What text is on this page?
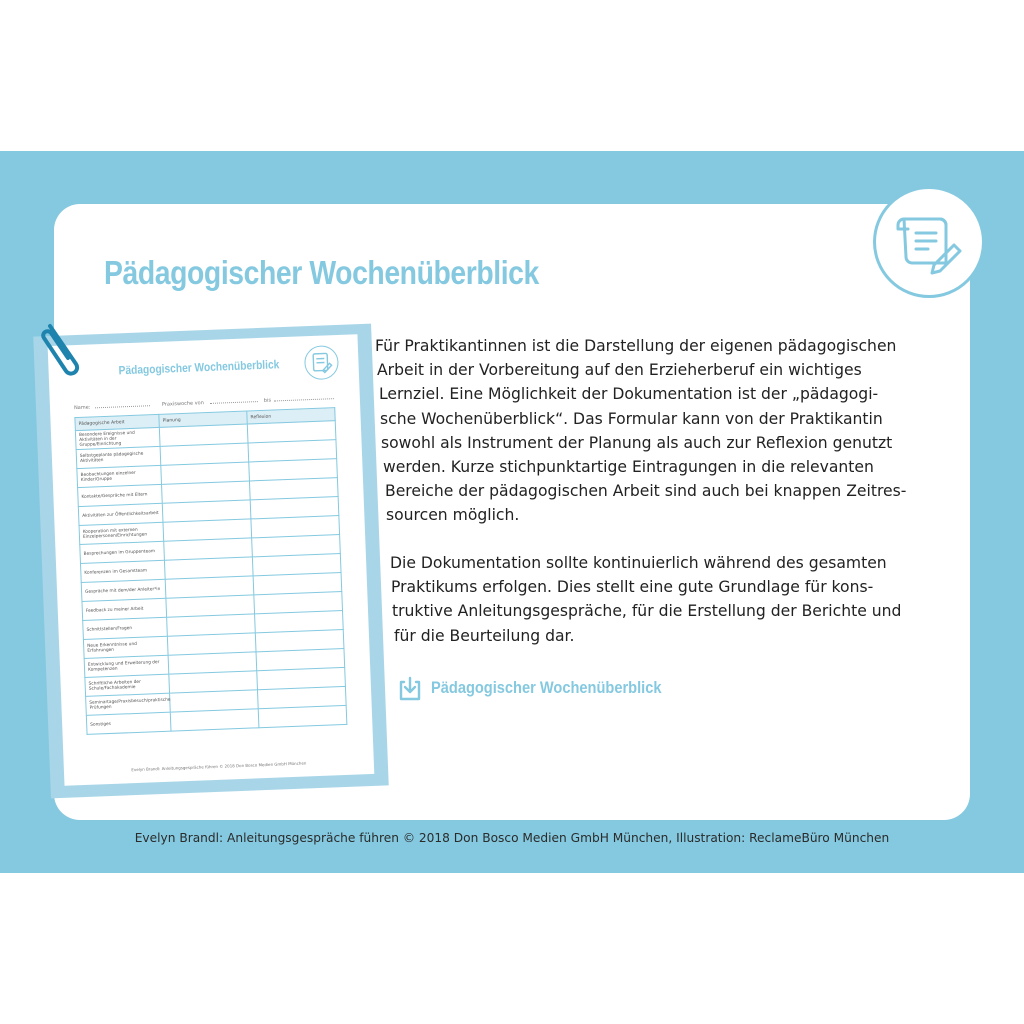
Pädagogischer Wochenüberblick
Pädagogischer Wochenüberblick
Name:
Praxiswoche von	bis
Pädagogische Arbeit	Planung	Reflexion
Besondere Ereignisse und Aktivitäten in der Gruppe/Einrichtung		
Selbstgeplante pädagogische Aktivitäten		
Beobachtungen einzelner Kinder/Gruppe		
Kontakte/Gespräche mit Eltern		
Aktivitäten zur Öffentlichkeitsarbeit		
Kooperation mit externen Einzelpersonen/Einrichtungen		
Besprechungen im Gruppenteam		
Konferenzen im Gesamtteam		
Gespräche mit dem/der Anleiter*in		
Feedback zu meiner Arbeit		
Schnittstellen/Fragen		
Neue Erkenntnisse und Erfahrungen		
Entwicklung und Erweiterung der Kompetenzen		
Schriftliche Arbeiten der Schule/Fachakademie		
Seminartage/Praxisbesuch/praktische Prüfungen		
Sonstiges		
Evelyn Brandl: Anleitungsgespräche führen © 2018 Don Bosco Medien GmbH München
Für Praktikantinnen ist die Darstellung der eigenen pädagogischen
Arbeit in der Vorbereitung auf den Erzieherberuf ein wichtiges
Lernziel. Eine Möglichkeit der Dokumentation ist der „pädagogi-
sche Wochenüberblick“. Das Formular kann von der Praktikantin
sowohl als Instrument der Planung als auch zur Reflexion genutzt
werden. Kurze stichpunktartige Eintragungen in die relevanten
Bereiche der pädagogischen Arbeit sind auch bei knappen Zeitres-
sourcen möglich.
Die Dokumentation sollte kontinuierlich während des gesamten
Praktikums erfolgen. Dies stellt eine gute Grundlage für kons-
truktive Anleitungsgespräche, für die Erstellung der Berichte und
für die Beurteilung dar.
Pädagogischer Wochenüberblick
Evelyn Brandl: Anleitungsgespräche führen © 2018 Don Bosco Medien GmbH München, Illustration: ReclameBüro München
